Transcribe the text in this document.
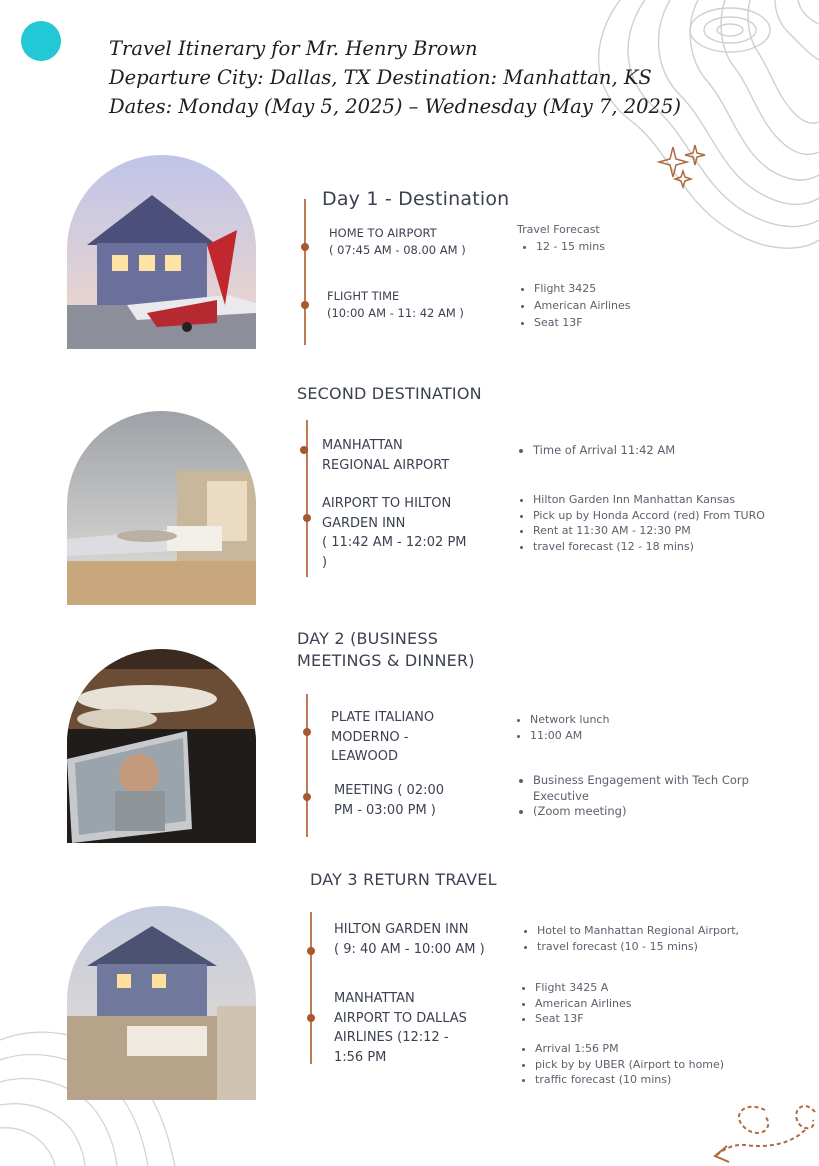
Travel Itinerary for Mr. Henry Brown
Departure City: Dallas, TX Destination: Manhattan, KS
Dates: Monday (May 5, 2025) – Wednesday (May 7, 2025)
Day 1 - Destination
HOME TO AIRPORT
( 07:45 AM - 08.00 AM )
Travel Forecast
• 12 - 15 mins
FLIGHT TIME
(10:00 AM - 11: 42 AM )
• Flight 3425
• American Airlines
• Seat 13F
SECOND DESTINATION
MANHATTAN
REGIONAL AIRPORT
• Time of Arrival 11:42 AM
AIRPORT TO HILTON
GARDEN INN
( 11:42 AM - 12:02 PM
)
• Hilton Garden Inn Manhattan Kansas
• Pick up by Honda Accord (red) From TURO
• Rent at 11:30 AM - 12:30 PM
• travel forecast (12 - 18 mins)
DAY 2 (BUSINESS
MEETINGS & DINNER)
PLATE ITALIANO
MODERNO -
LEAWOOD
• Network lunch
• 11:00 AM
MEETING ( 02:00
PM - 03:00 PM )
• Business Engagement with Tech Corp Executive
• (Zoom meeting)
DAY 3 RETURN TRAVEL
HILTON GARDEN INN
( 9: 40 AM - 10:00 AM )
• Hotel to Manhattan Regional Airport,
• travel forecast (10 - 15 mins)
MANHATTAN
AIRPORT TO DALLAS
AIRLINES (12:12 -
1:56 PM
• Flight 3425 A
• American Airlines
• Seat 13F
• Arrival 1:56 PM
• pick by by UBER (Airport to home)
• traffic forecast (10 mins)
